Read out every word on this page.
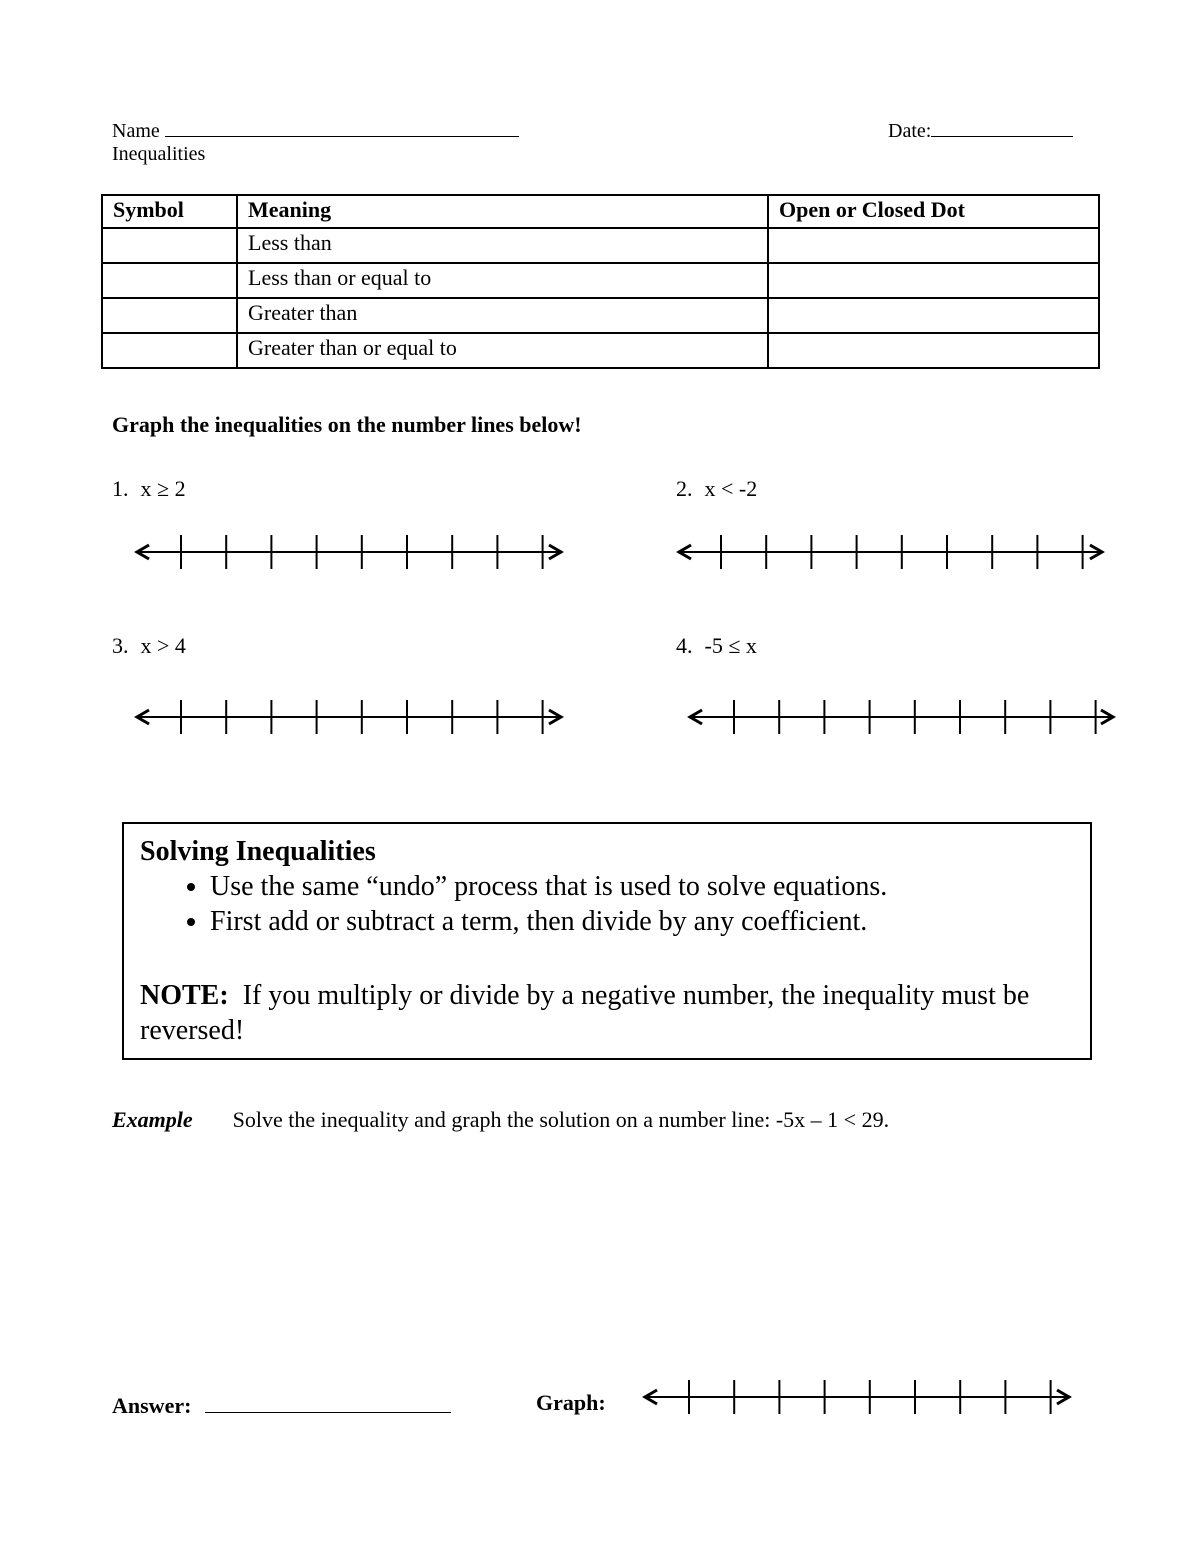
Name	Date:
Inequalities
Symbol	Meaning	Open or Closed Dot
	Less than	
	Less than or equal to	
	Greater than	
	Greater than or equal to	
Graph the inequalities on the number lines below!
1. x ≥ 2	2. x < -2
3. x > 4	4. -5 ≤ x
Solving Inequalities
• Use the same “undo” process that is used to solve equations.
• First add or subtract a term, then divide by any coefficient.
NOTE: If you multiply or divide by a negative number, the inequality must be reversed!
Example Solve the inequality and graph the solution on a number line: -5x – 1 < 29.
Answer:	Graph:
